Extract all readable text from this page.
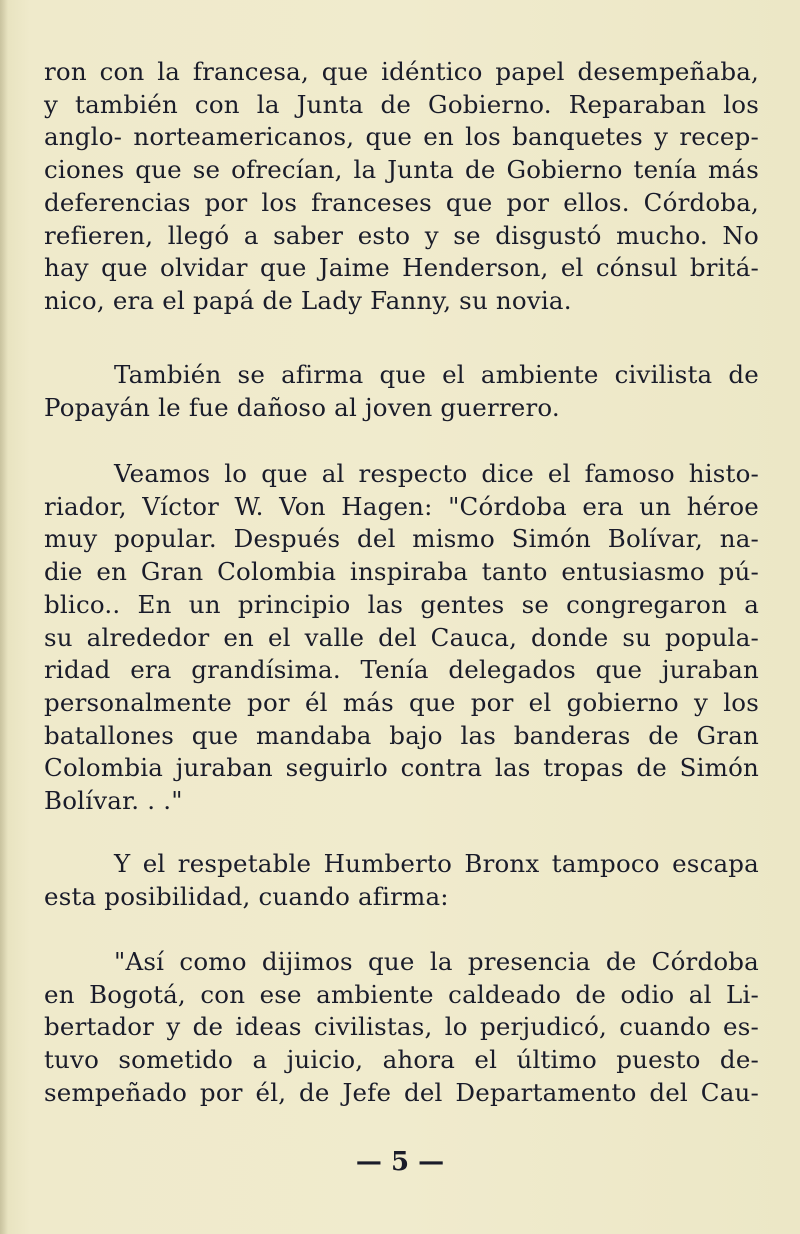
ron con la francesa, que idéntico papel desempeñaba,
y también con la Junta de Gobierno. Reparaban los
anglo- norteamericanos, que en los banquetes y recep-
ciones que se ofrecían, la Junta de Gobierno tenía más
deferencias por los franceses que por ellos. Córdoba,
refieren, llegó a saber esto y se disgustó mucho. No
hay que olvidar que Jaime Henderson, el cónsul britá-
nico, era el papá de Lady Fanny, su novia.
También se afirma que el ambiente civilista de
Popayán le fue dañoso al joven guerrero.
Veamos lo que al respecto dice el famoso histo-
riador, Víctor W. Von Hagen: "Córdoba era un héroe
muy popular. Después del mismo Simón Bolívar, na-
die en Gran Colombia inspiraba tanto entusiasmo pú-
blico.. En un principio las gentes se congregaron a
su alrededor en el valle del Cauca, donde su popula-
ridad era grandísima. Tenía delegados que juraban
personalmente por él más que por el gobierno y los
batallones que mandaba bajo las banderas de Gran
Colombia juraban seguirlo contra las tropas de Simón
Bolívar. . ."
Y el respetable Humberto Bronx tampoco escapa
esta posibilidad, cuando afirma:
"Así como dijimos que la presencia de Córdoba
en Bogotá, con ese ambiente caldeado de odio al Li-
bertador y de ideas civilistas, lo perjudicó, cuando es-
tuvo sometido a juicio, ahora el último puesto de-
sempeñado por él, de Jefe del Departamento del Cau-

— 5 —
